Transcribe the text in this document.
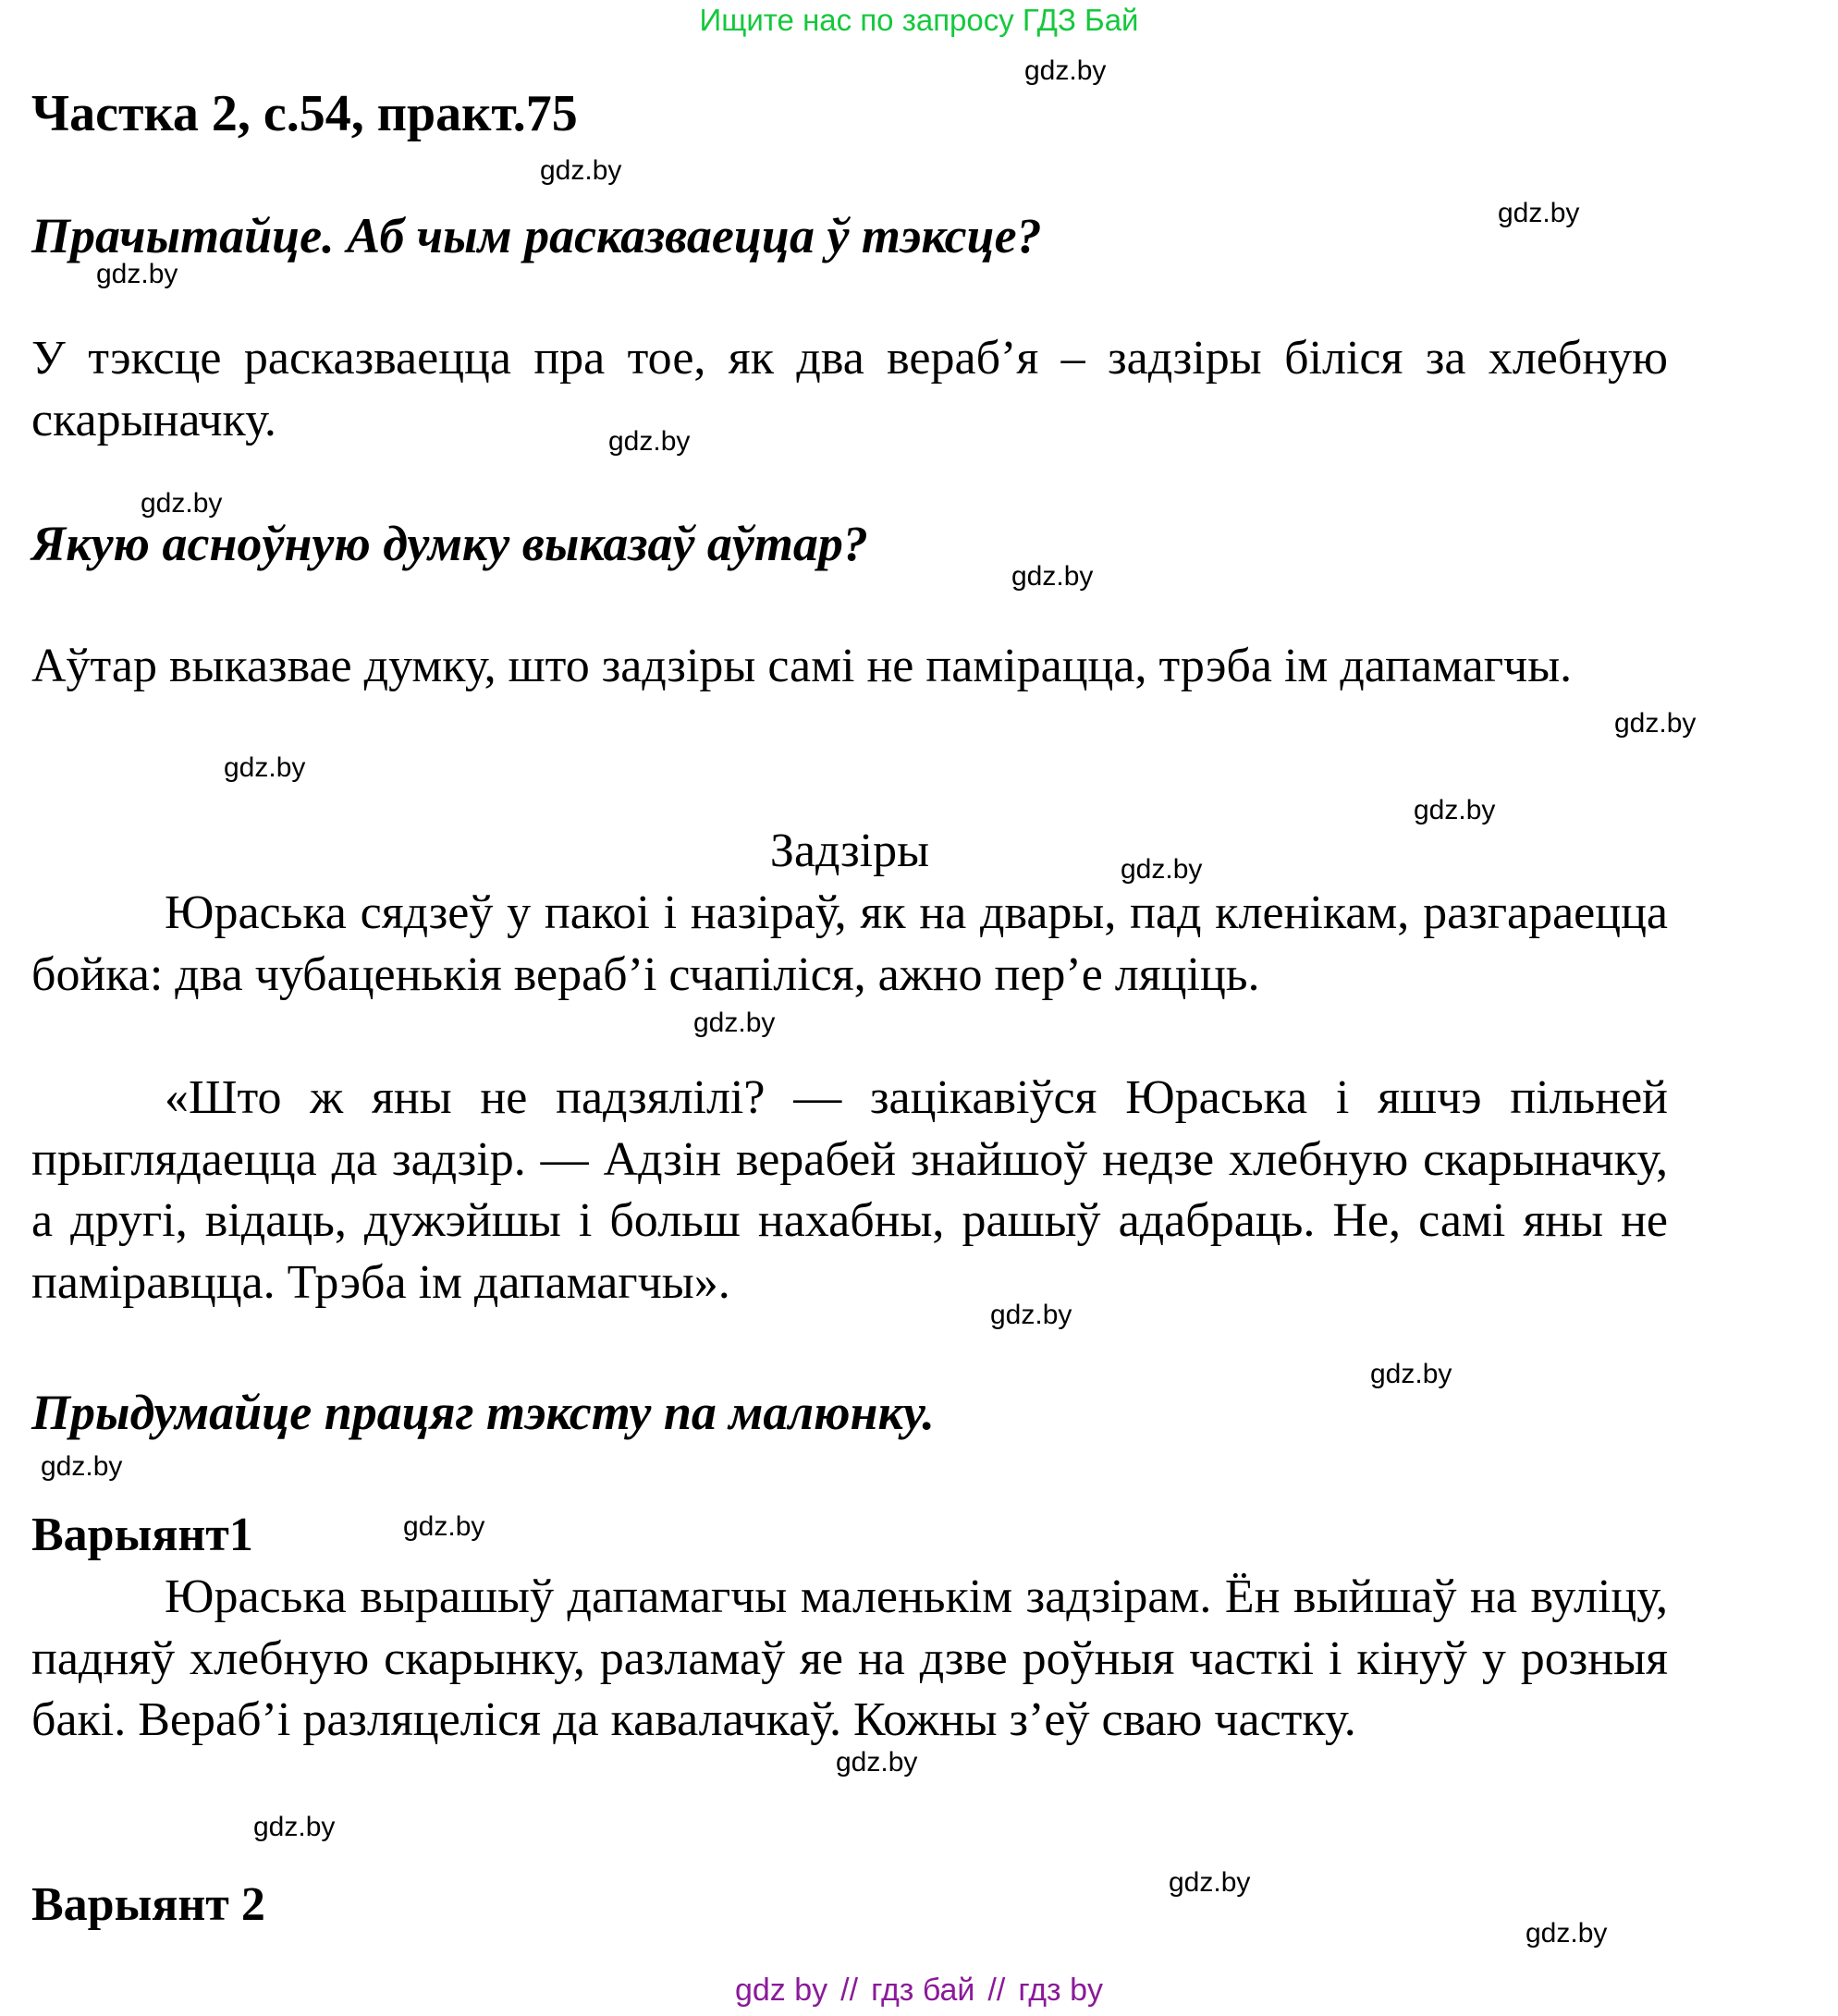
Ищите нас по запросу ГДЗ Бай
Частка 2, с.54, практ.75
Прачытайце. Аб чым расказваецца ў тэксце?
У тэксце расказваецца пра тое, як два вераб’я – задзіры біліся за хлебную скарыначку.
Якую асноўную думку выказаў аўтар?
Аўтар выказвае думку, што задзіры самі не памірацца, трэба ім дапамагчы.
Задзіры
Юраська сядзеў у пакоі і назіраў, як на двары, пад кленікам, разгараецца бойка: два чубаценькія вераб’і счапіліся, ажно пер’е ляціць.
«Што ж яны не падзялілі? — зацікавіўся Юраська і яшчэ пільней прыглядаецца да задзір. — Адзін верабей знайшоў недзе хлебную скарыначку, а другі, відаць, дужэйшы і больш нахабны, рашыў адабраць. Не, самі яны не паміравцца. Трэба ім дапамагчы».
Прыдумайце працяг тэксту па малюнку.
Варыянт1
Юраська вырашыў дапамагчы маленькім задзірам. Ён выйшаў на вуліцу, падняў хлебную скарынку, разламаў яе на дзве роўныя часткі і кінуў у розныя бакі. Вераб’і разляцеліся да кавалачкаў. Кожны з’еў сваю частку.
Варыянт 2
gdz.by
gdz.by
gdz.by
gdz.by
gdz.by
gdz.by
gdz.by
gdz.by
gdz.by
gdz.by
gdz.by
gdz.by
gdz.by
gdz.by
gdz.by
gdz.by
gdz.by
gdz.by
gdz.by
gdz.by
gdz by // гдз бай // гдз by
